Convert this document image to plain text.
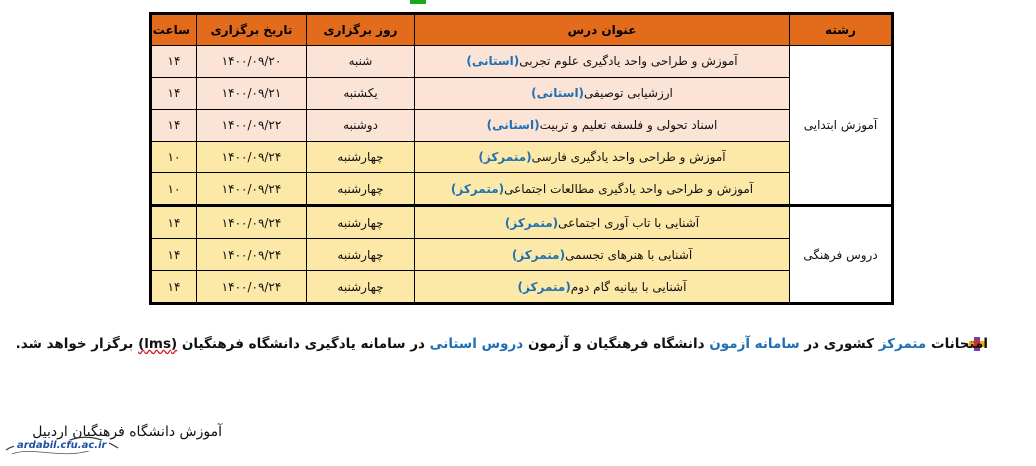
رشته	عنوان درس	روز برگزاری	تاریخ برگزاری	ساعت
آموزش ابتدایی	آموزش و طراحی واحد یادگیری علوم تجربی(استانی)	شنبه	۱۴۰۰/۰۹/۲۰	۱۴
	ارزشیابی توصیفی(استانی)	یکشنبه	۱۴۰۰/۰۹/۲۱	۱۴
	اسناد تحولی و فلسفه تعلیم و تربیت(استانی)	دوشنبه	۱۴۰۰/۰۹/۲۲	۱۴
	آموزش و طراحی واحد یادگیری فارسی(متمرکز)	چهارشنبه	۱۴۰۰/۰۹/۲۴	۱۰
	آموزش و طراحی واحد یادگیری مطالعات اجتماعی(متمرکز)	چهارشنبه	۱۴۰۰/۰۹/۲۴	۱۰
دروس فرهنگی	آشنایی با تاب آوری اجتماعی(متمرکز)	چهارشنبه	۱۴۰۰/۰۹/۲۴	۱۴
	آشنایی با هنرهای تجسمی(متمرکز)	چهارشنبه	۱۴۰۰/۰۹/۲۴	۱۴
	آشنایی با بیانیه گام دوم(متمرکز)	چهارشنبه	۱۴۰۰/۰۹/۲۴	۱۴
امتحانات متمرکز کشوری در سامانه آزمون دانشگاه فرهنگیان و آزمون دروس استانی در سامانه یادگیری دانشگاه فرهنگیان (lms) برگزار خواهد شد.
آموزش دانشگاه فرهنگیان اردبیل
ardabil.cfu.ac.ir
